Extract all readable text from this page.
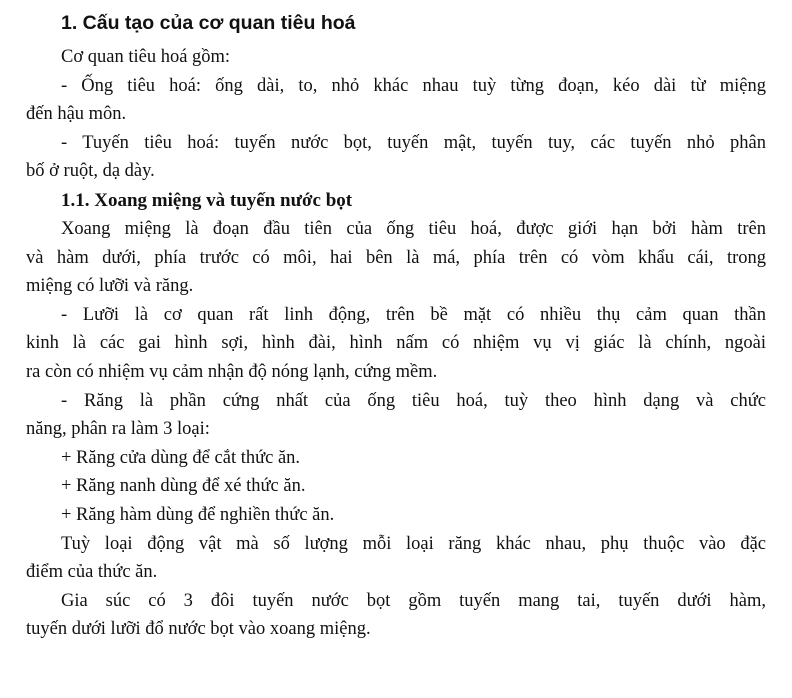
1. Cấu tạo của cơ quan tiêu hoá

Cơ quan tiêu hoá gồm:

- Ống tiêu hoá: ống dài, to, nhỏ khác nhau tuỳ từng đoạn, kéo dài từ miệng
đến hậu môn.
- Tuyến tiêu hoá: tuyến nước bọt, tuyến mật, tuyến tuy, các tuyến nhỏ phân
bố ở ruột, dạ dày.
1.1. Xoang miệng và tuyến nước bọt
Xoang miệng là đoạn đầu tiên của ống tiêu hoá, được giới hạn bởi hàm trên
và hàm dưới, phía trước có môi, hai bên là má, phía trên có vòm khẩu cái, trong
miệng có lưỡi và răng.
- Lưỡi là cơ quan rất linh động, trên bề mặt có nhiều thụ cảm quan thần
kinh là các gai hình sợi, hình đài, hình nấm có nhiệm vụ vị giác là chính, ngoài
ra còn có nhiệm vụ cảm nhận độ nóng lạnh, cứng mềm.
- Răng là phần cứng nhất của ống tiêu hoá, tuỳ theo hình dạng và chức
năng, phân ra làm 3 loại:

+ Răng cửa dùng để cắt thức ăn.

+ Răng nanh dùng để xé thức ăn.

+ Răng hàm dùng để nghiền thức ăn.

Tuỳ loại động vật mà số lượng mỗi loại răng khác nhau, phụ thuộc vào đặc
điểm của thức ăn.
Gia súc có 3 đôi tuyến nước bọt gồm tuyến mang tai, tuyến dưới hàm,
tuyến dưới lưỡi đổ nước bọt vào xoang miệng.
